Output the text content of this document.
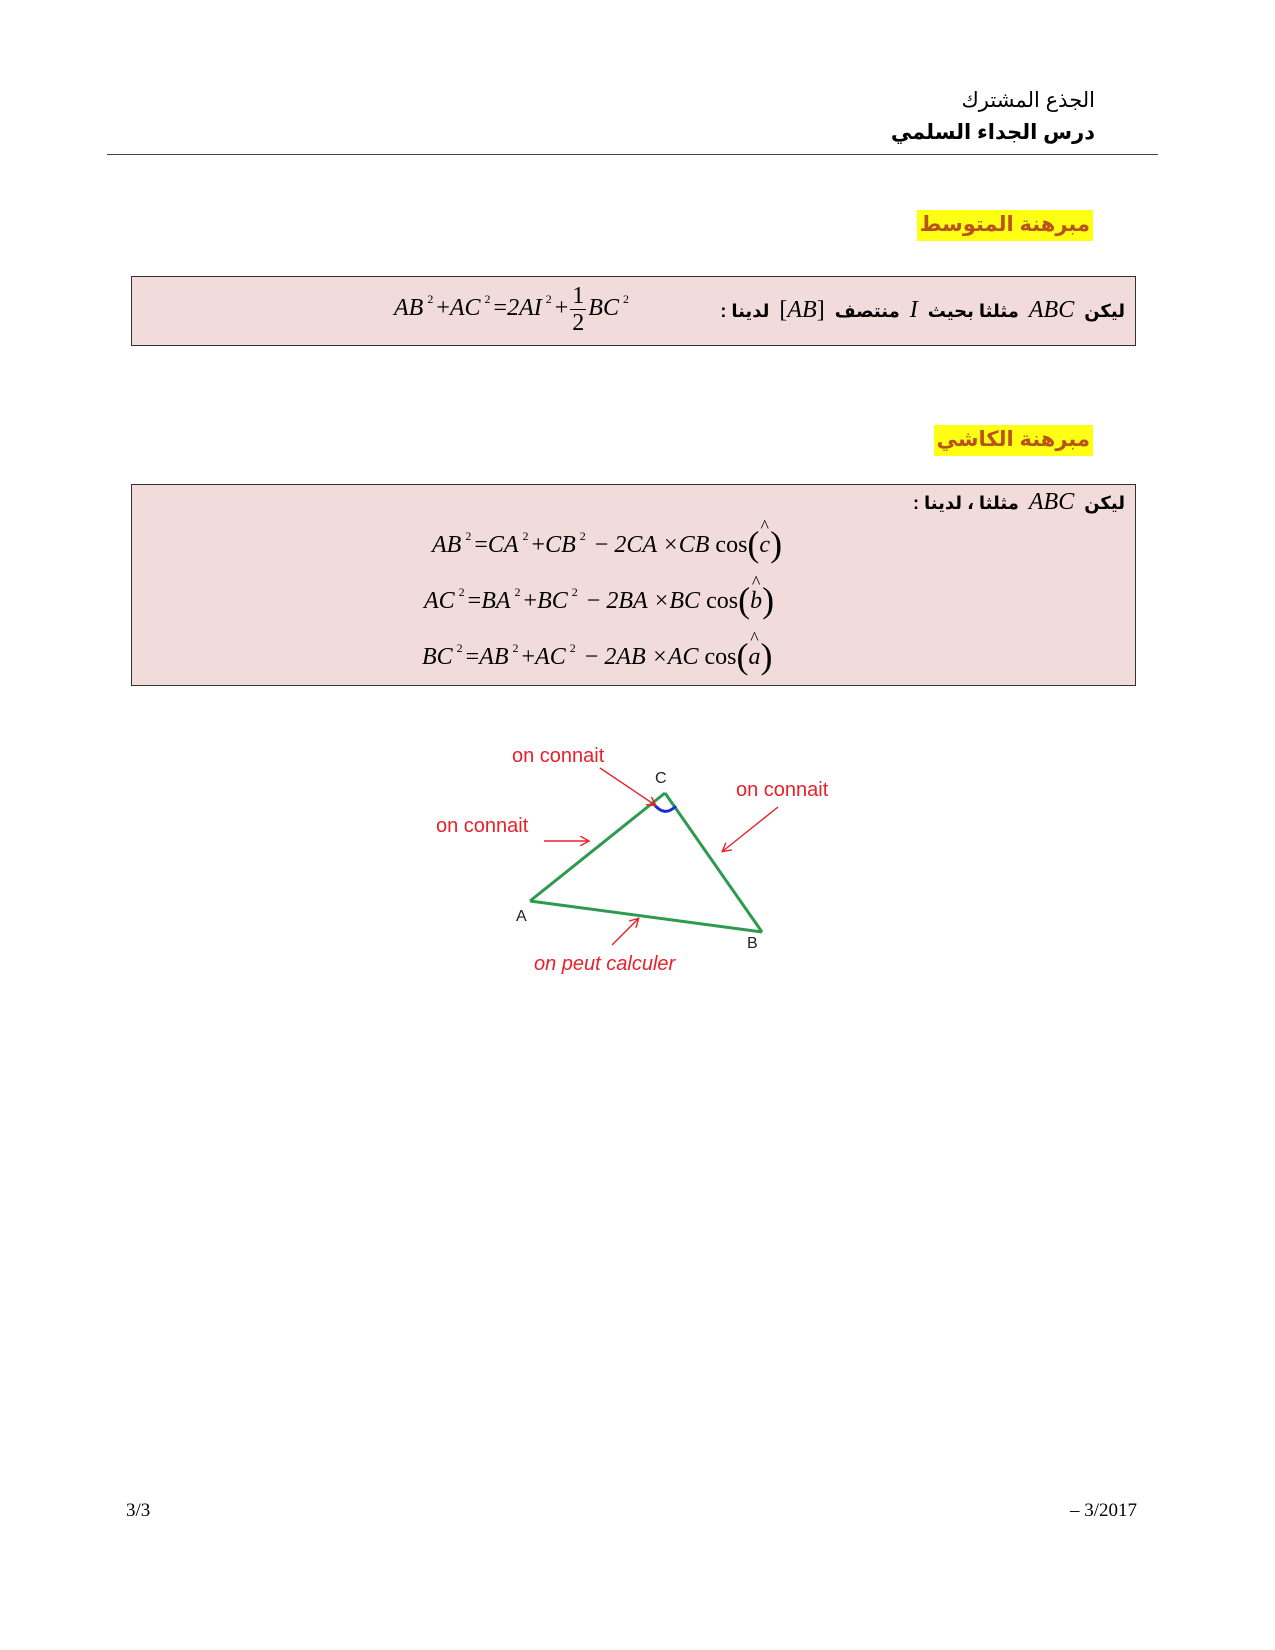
الجذع المشترك
درس الجداء السلمي
مبرهنة المتوسط
ليكن  ABC  مثلثا بحيث  I  منتصف  [AB]  لدينا :
AB $^2$ +AC $^2$ =2AI $^2 + \frac{1}{2}$ BC $^2$
مبرهنة الكاشي
ليكن  ABC  مثلثا ، لدينا :
AB $^2$ =CA $^2$ +CB $^2$ − 2CA ×CB cos(^ c)
AC $^2$ =BA $^2$ +BC $^2$ − 2BA ×BC cos(^ b)
BC $^2$ =AB $^2$ +AC $^2$ − 2AB ×AC cos(^ a)
on connait
on connait
on connait
on peut calculer
A
B
C
3/3	– 3/2017
